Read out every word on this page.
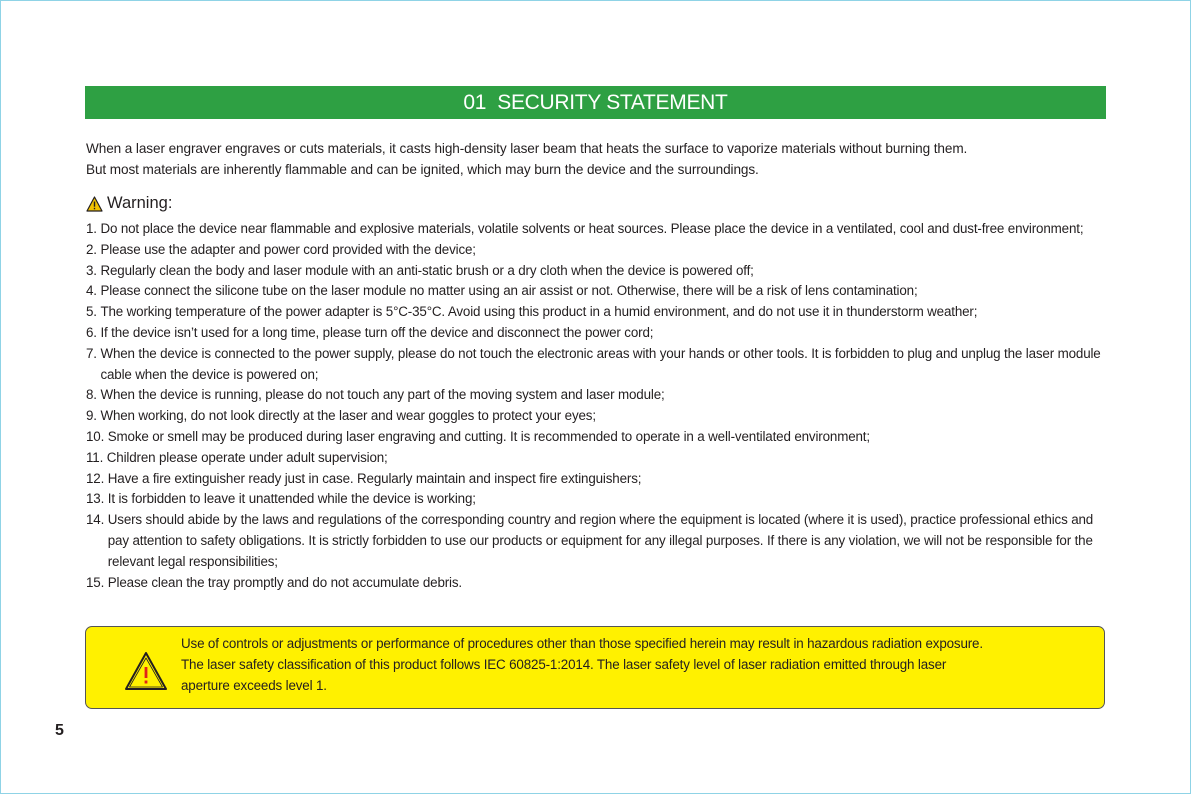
01
SECURITY STATEMENT

When a laser engraver engraves or cuts materials, it casts high-density laser beam that heats the surface to vaporize materials without burning them.

But most materials are inherently flammable and can be ignited, which may burn the device and the surroundings.

Warning:
1. Do not place the device near flammable and explosive materials, volatile solvents or heat sources. Please place the device in a ventilated, cool and dust-free environment;
2. Please use the adapter and power cord provided with the device;
3. Regularly clean the body and laser module with an anti-static brush or a dry cloth when the device is powered off;
4. Please connect the silicone tube on the laser module no matter using an air assist or not. Otherwise, there will be a risk of lens contamination;
5. The working temperature of the power adapter is 5°C-35°C. Avoid using this product in a humid environment, and do not use it in thunderstorm weather;
6. If the device isn’t used for a long time, please turn off the device and disconnect the power cord;
7. When the device is connected to the power supply, please do not touch the electronic areas with your hands or other tools. It is forbidden to plug and unplug the laser module cable when the device is powered on;
8. When the device is running, please do not touch any part of the moving system and laser module;
9. When working, do not look directly at the laser and wear goggles to protect your eyes;
10. Smoke or smell may be produced during laser engraving and cutting. It is recommended to operate in a well-ventilated environment;
11. Children please operate under adult supervision;
12. Have a fire extinguisher ready just in case. Regularly maintain and inspect fire extinguishers;
13. It is forbidden to leave it unattended while the device is working;
14. Users should abide by the laws and regulations of the corresponding country and region where the equipment is located (where it is used), practice professional ethics and pay attention to safety obligations. It is strictly forbidden to use our products or equipment for any illegal purposes. If there is any violation, we will not be responsible for the relevant legal responsibilities;
15. Please clean the tray promptly and do not accumulate debris.

Use of controls or adjustments or performance of procedures other than those specified herein may result in hazardous radiation exposure.

The laser safety classification of this product follows IEC 60825-1:2014. The laser safety level of laser radiation emitted through laser

aperture exceeds level 1.

5
